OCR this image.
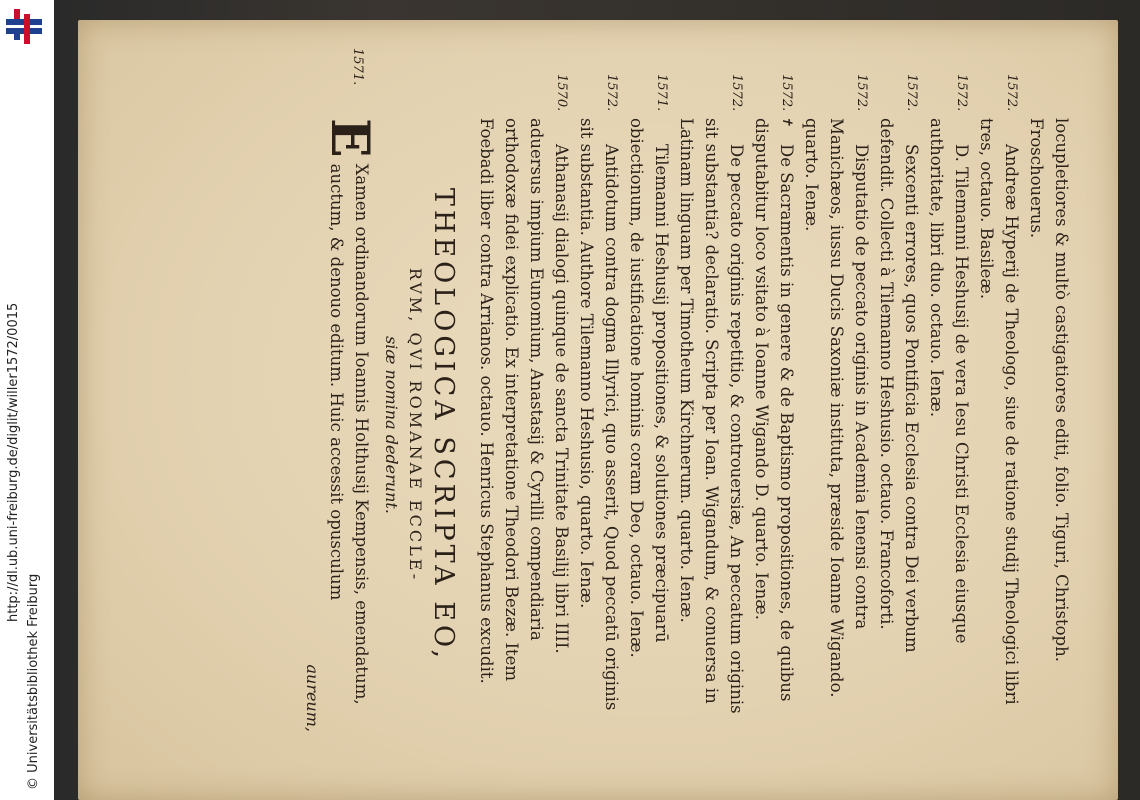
http://dl.ub.uni-freiburg.de/diglit/willer1572/0015
© Universitätsbibliothek Freiburg

locupletiores & multò castigatiores editi, folio. Tiguri, Christoph. Froschouerus.

1572.
Andreæ Hyperij de Theologo, siue de ratione studij Theologici libri tres, octauo. Basileæ.

1572.
D. Tilemanni Heshusij de vera Iesu Christi Ecclesia eiusque authoritate, libri duo. octauo. Ienæ.

1572.
Sexcenti errores, quos Pontificia Ecclesia contra Dei verbum defendit. Collecti à Tilemanno Heshusio. octauo. Francoforti.

1572.
Disputatio de peccato originis in Academia Ienensi contra Manichæos, iussu Ducis Saxoniæ instituta, præside Ioanne Wigando. quarto. Ienæ.

1572. ✝
De Sacramentis in genere & de Baptismo propositiones, de quibus disputabitur loco vsitato à Ioanne Wigando D. quarto. Ienæ.

1572.
De peccato originis repetitio, & controuersiæ, An peccatum originis sit substantia? declaratio. Scripta per Ioan. Wigandum, & conuersa in Latinam linguam per Timotheum Kirchnerum. quarto. Ienæ.

1571.
Tilemanni Heshusij propositiones, & solutiones præcipuarū obiectionum, de iustificatione hominis coram Deo, octauo. Ienæ.

1572.
Antidotum contra dogma Illyrici, quo asserit, Quod peccatū originis sit substantia. Authore Tilemanno Heshusio, quarto. Ienæ.

1570.
Athanasij dialogi quinque de sancta Trinitate Basilij libri IIII. aduersus impium Eunomium, Anastasij & Cyrilli compendiaria orthodoxæ fidei explicatio. Ex interpretatione Theodori Bezæ. Item Foebadi liber contra Arrianos. octauo. Henricus Stephanus excudit.

THEOLOGICA SCRIPTA EO,
RVM, QVI ROMANAE ECCLE-
siæ nomina dederunt.
1571.
E
Xamen ordinandorum Ioannis Holthusij Kempensis, emendatum, auctum, & denouo editum. Huic accessit opusculum
aureum,
